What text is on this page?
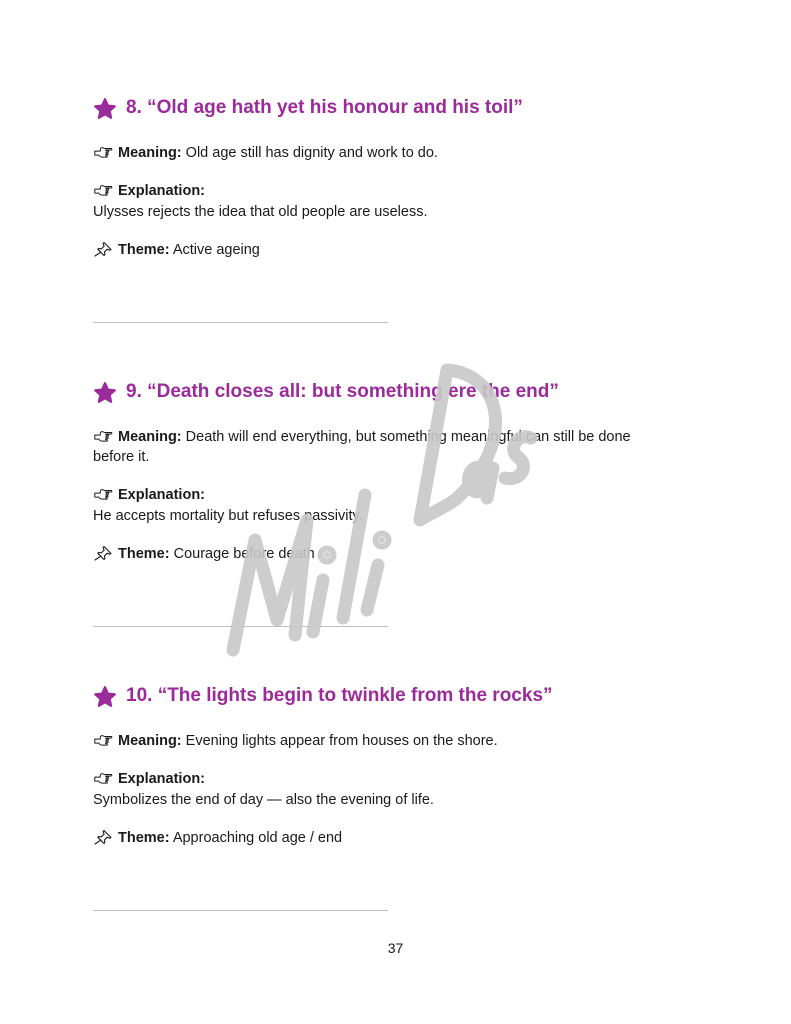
8. “Old age hath yet his honour and his toil”
Meaning: Old age still has dignity and work to do.
Explanation:
Ulysses rejects the idea that old people are useless.
Theme: Active ageing
9. “Death closes all: but something ere the end”
Meaning: Death will end everything, but something meaningful can still be done
before it.
Explanation:
He accepts mortality but refuses passivity.
Theme: Courage before death
10. “The lights begin to twinkle from the rocks”
Meaning: Evening lights appear from houses on the shore.
Explanation:
Symbolizes the end of day — also the evening of life.
Theme: Approaching old age / end
37
